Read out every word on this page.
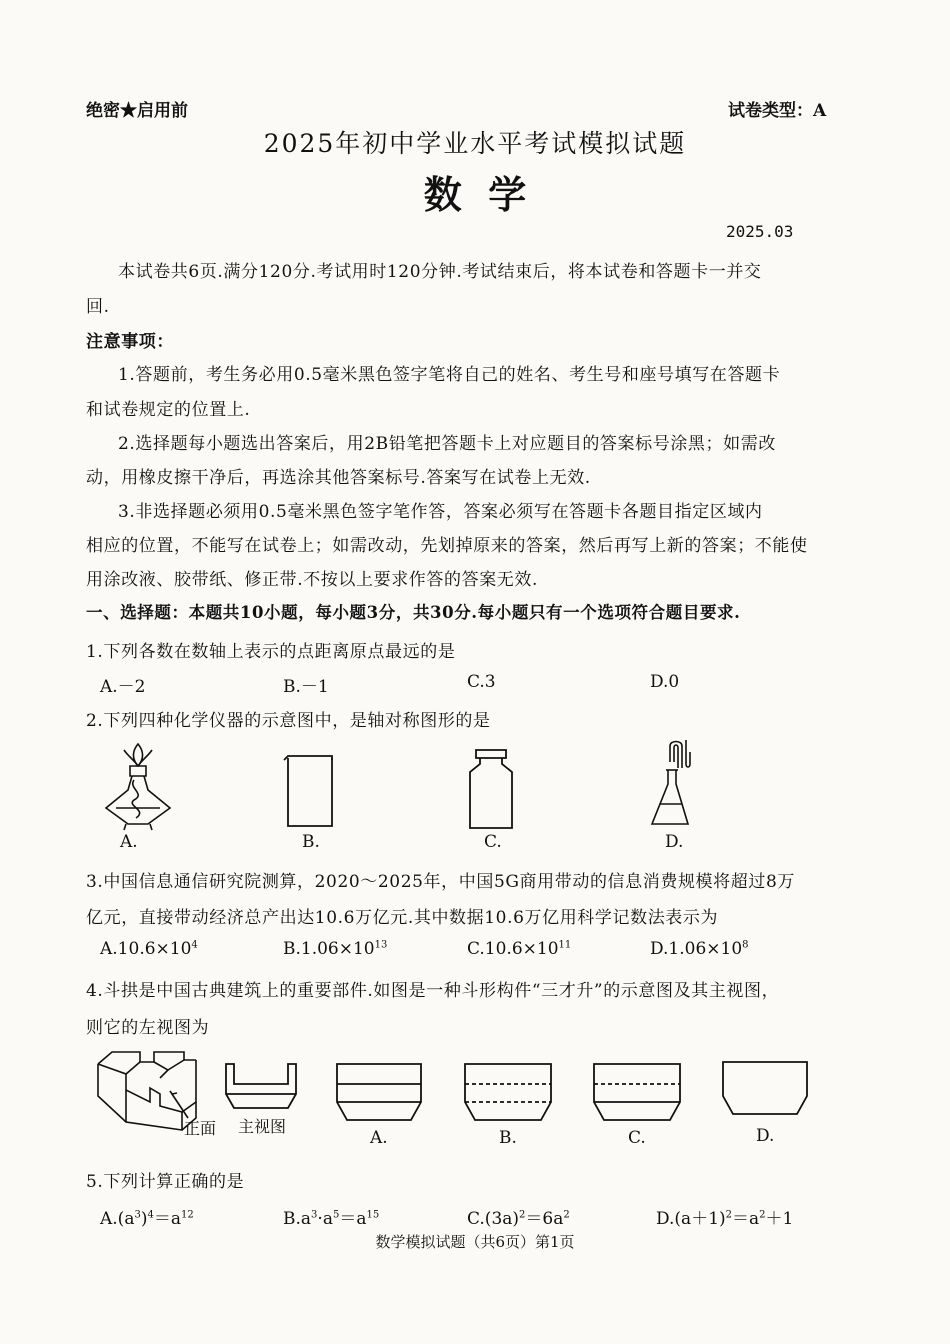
绝密★启用前	试卷类型：A
2025年初中学业水平考试模拟试题
数  学
2025.03
本试卷共6页.满分120分.考试用时120分钟.考试结束后，将本试卷和答题卡一并交
回.
注意事项：
1.答题前，考生务必用0.5毫米黑色签字笔将自己的姓名、考生号和座号填写在答题卡
和试卷规定的位置上.
2.选择题每小题选出答案后，用2B铅笔把答题卡上对应题目的答案标号涂黑；如需改
动，用橡皮擦干净后，再选涂其他答案标号.答案写在试卷上无效.
3.非选择题必须用0.5毫米黑色签字笔作答，答案必须写在答题卡各题目指定区域内
相应的位置，不能写在试卷上；如需改动，先划掉原来的答案，然后再写上新的答案；不能使
用涂改液、胶带纸、修正带.不按以上要求作答的答案无效.
一、选择题：本题共10小题，每小题3分，共30分.每小题只有一个选项符合题目要求.
1.下列各数在数轴上表示的点距离原点最远的是
A.－2	B.－1	C.3	D.0
2.下列四种化学仪器的示意图中，是轴对称图形的是
A.	B.	C.	D.
3.中国信息通信研究院测算，2020～2025年，中国5G商用带动的信息消费规模将超过8万
亿元，直接带动经济总产出达10.6万亿元.其中数据10.6万亿用科学记数法表示为
$A.10.6\times 10^4$	$B.1.06\times 10^{13}$	$C.10.6\times 10^{11}$	$D.1.06\times 10^8$
4.斗拱是中国古典建筑上的重要部件.如图是一种斗形构件“三才升”的示意图及其主视图，
则它的左视图为
正面 主视图
A.	B.	C.	D.
5.下列计算正确的是
$A.(a^3)^4=a^{12}$	$B.a^3\cdot a^5=a^{15}$	$C.(3a)^2=6a^2$	$D.(a+1)^2=a^2+1$
数学模拟试题（共6页）第1页
